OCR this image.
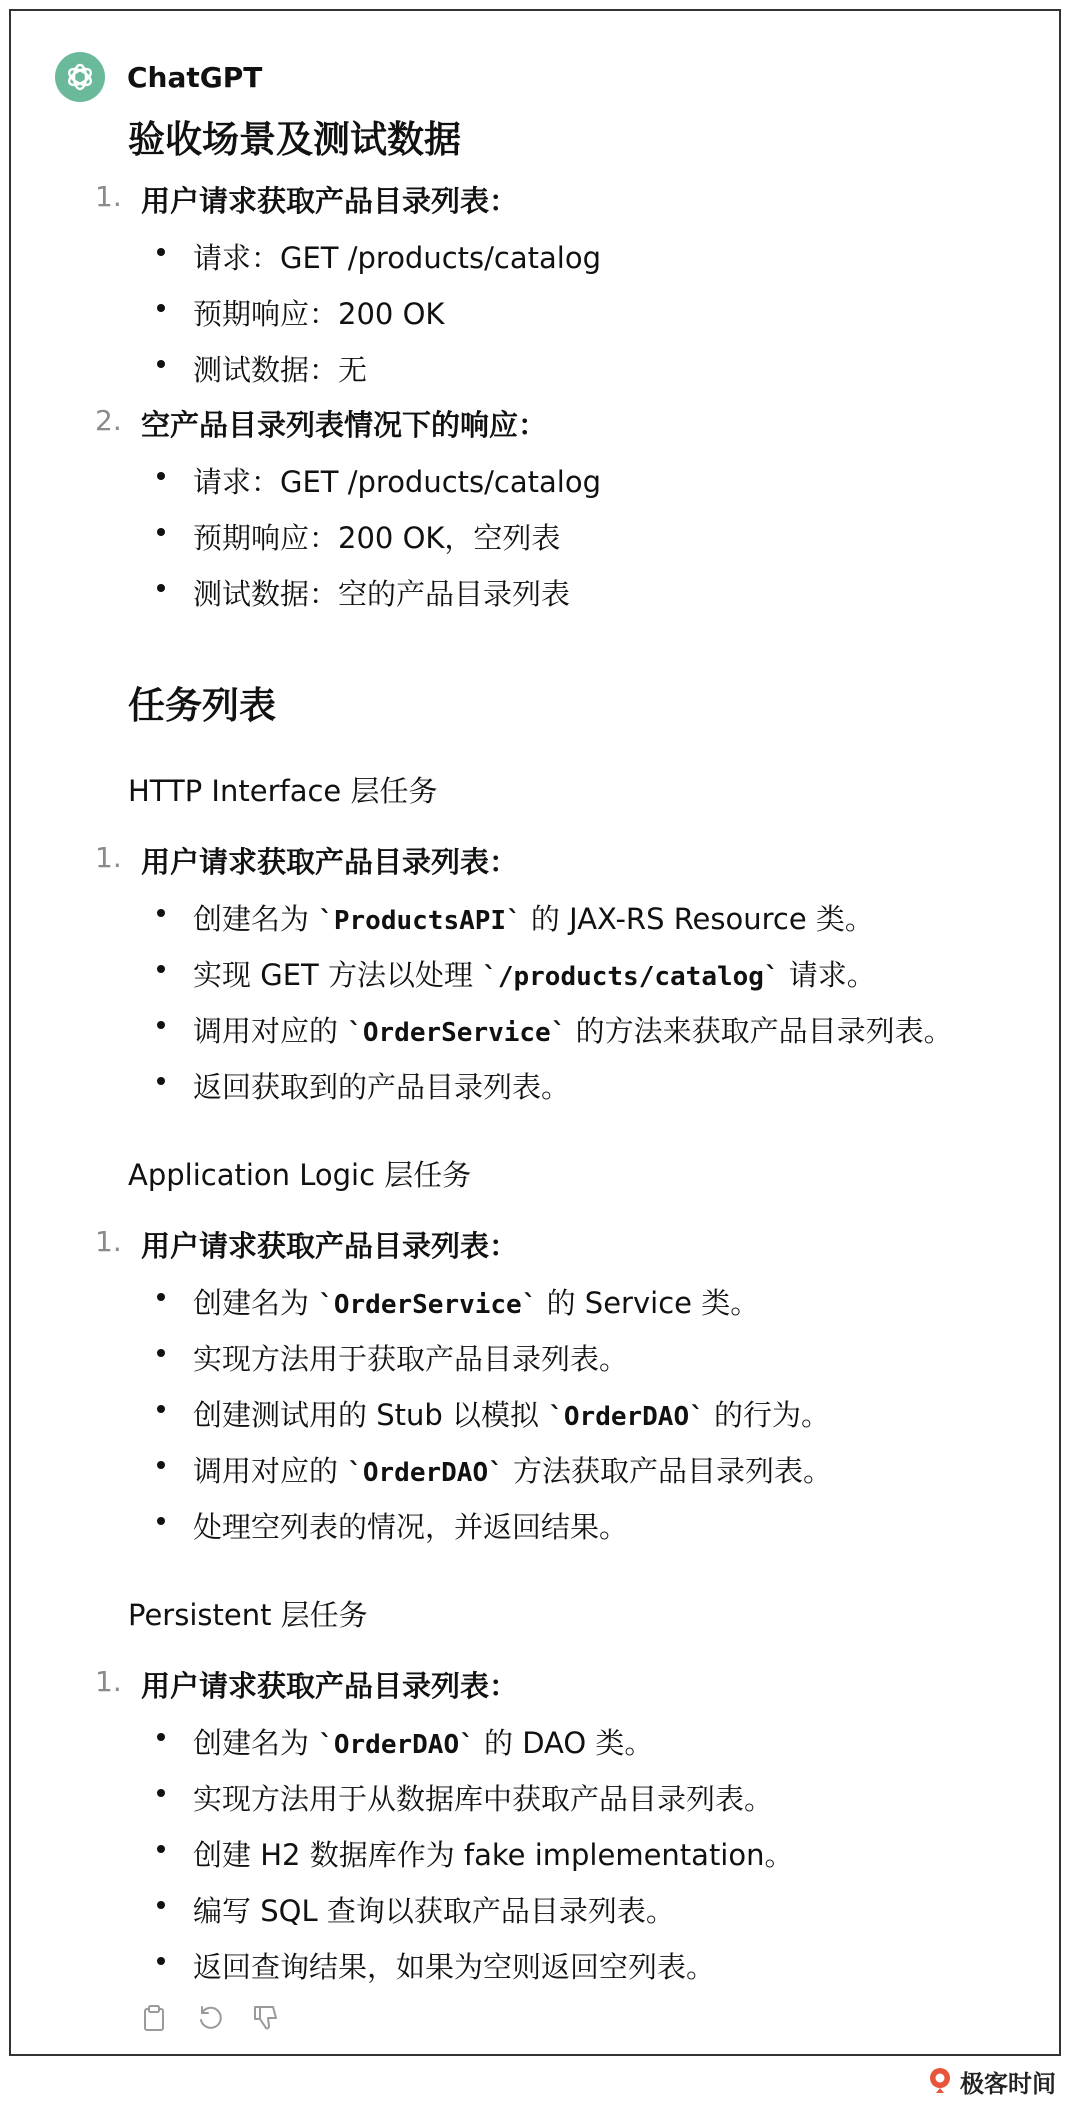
ChatGPT
验收场景及测试数据
1. 用户请求获取产品目录列表：
请求：GET /products/catalog
预期响应：200 OK
测试数据：无
2. 空产品目录列表情况下的响应：
请求：GET /products/catalog
预期响应：200 OK，空列表
测试数据：空的产品目录列表
任务列表
HTTP Interface 层任务
1. 用户请求获取产品目录列表：
创建名为 `ProductsAPI` 的 JAX-RS Resource 类。
实现 GET 方法以处理 `/products/catalog` 请求。
调用对应的 `OrderService` 的方法来获取产品目录列表。
返回获取到的产品目录列表。
Application Logic 层任务
1. 用户请求获取产品目录列表：
创建名为 `OrderService` 的 Service 类。
实现方法用于获取产品目录列表。
创建测试用的 Stub 以模拟 `OrderDAO` 的行为。
调用对应的 `OrderDAO` 方法获取产品目录列表。
处理空列表的情况，并返回结果。
Persistent 层任务
1. 用户请求获取产品目录列表：
创建名为 `OrderDAO` 的 DAO 类。
实现方法用于从数据库中获取产品目录列表。
创建 H2 数据库作为 fake implementation。
编写 SQL 查询以获取产品目录列表。
返回查询结果，如果为空则返回空列表。
极客时间
